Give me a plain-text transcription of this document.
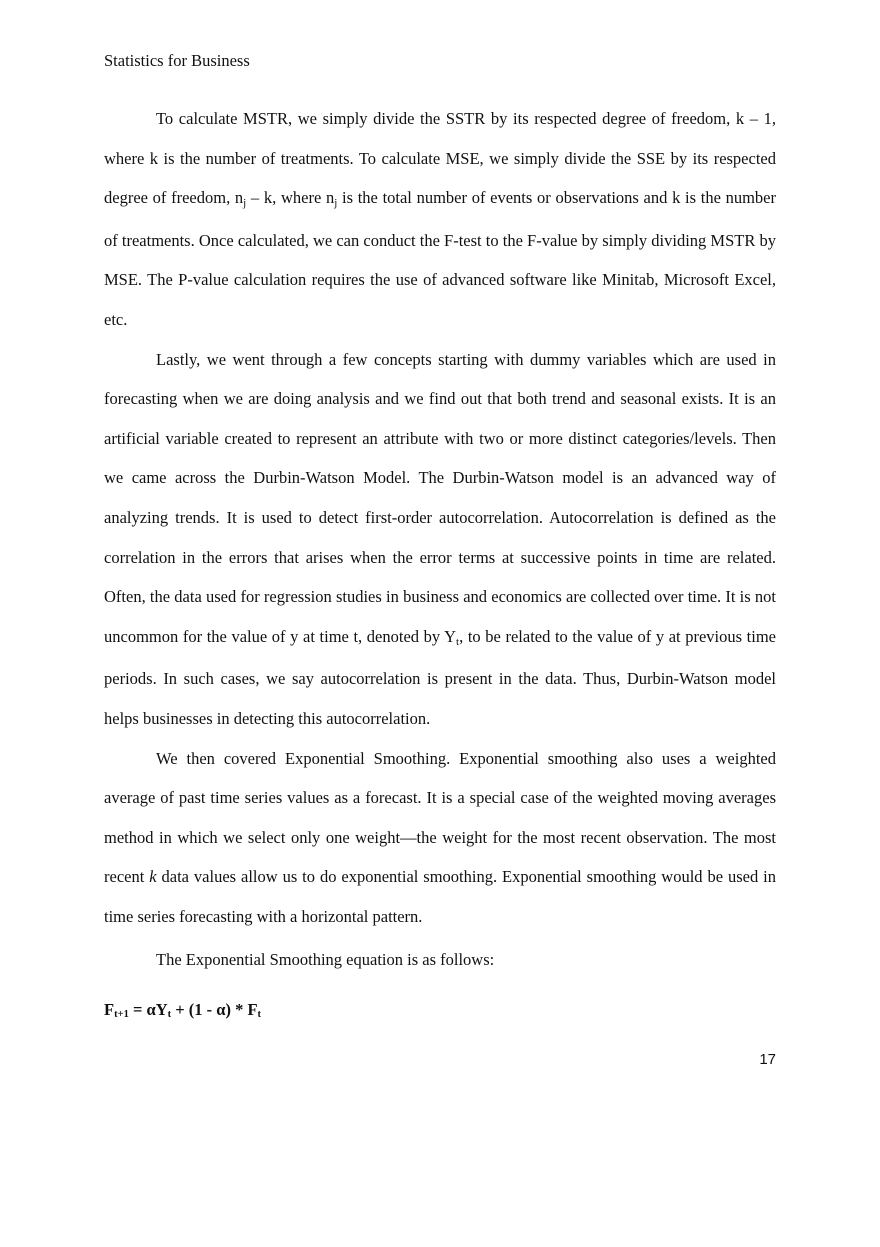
Statistics for Business

To calculate MSTR, we simply divide the SSTR by its respected degree of freedom, k – 1, where k is the number of treatments. To calculate MSE, we simply divide the SSE by its respected degree of freedom, nj – k, where nj is the total number of events or observations and k is the number of treatments. Once calculated, we can conduct the F-test to the F-value by simply dividing MSTR by MSE. The P-value calculation requires the use of advanced software like Minitab, Microsoft Excel, etc.

Lastly, we went through a few concepts starting with dummy variables which are used in forecasting when we are doing analysis and we find out that both trend and seasonal exists. It is an artificial variable created to represent an attribute with two or more distinct categories/levels. Then we came across the Durbin-Watson Model. The Durbin-Watson model is an advanced way of analyzing trends. It is used to detect first-order autocorrelation. Autocorrelation is defined as the correlation in the errors that arises when the error terms at successive points in time are related. Often, the data used for regression studies in business and economics are collected over time. It is not uncommon for the value of y at time t, denoted by Yt, to be related to the value of y at previous time periods. In such cases, we say autocorrelation is present in the data. Thus, Durbin-Watson model helps businesses in detecting this autocorrelation.

We then covered Exponential Smoothing. Exponential smoothing also uses a weighted average of past time series values as a forecast. It is a special case of the weighted moving averages method in which we select only one weight—the weight for the most recent observation. The most recent k data values allow us to do exponential smoothing. Exponential smoothing would be used in time series forecasting with a horizontal pattern.

The Exponential Smoothing equation is as follows:
$F_{t+1} = \alpha Y_t + (1 - \alpha) * F_t$
17
